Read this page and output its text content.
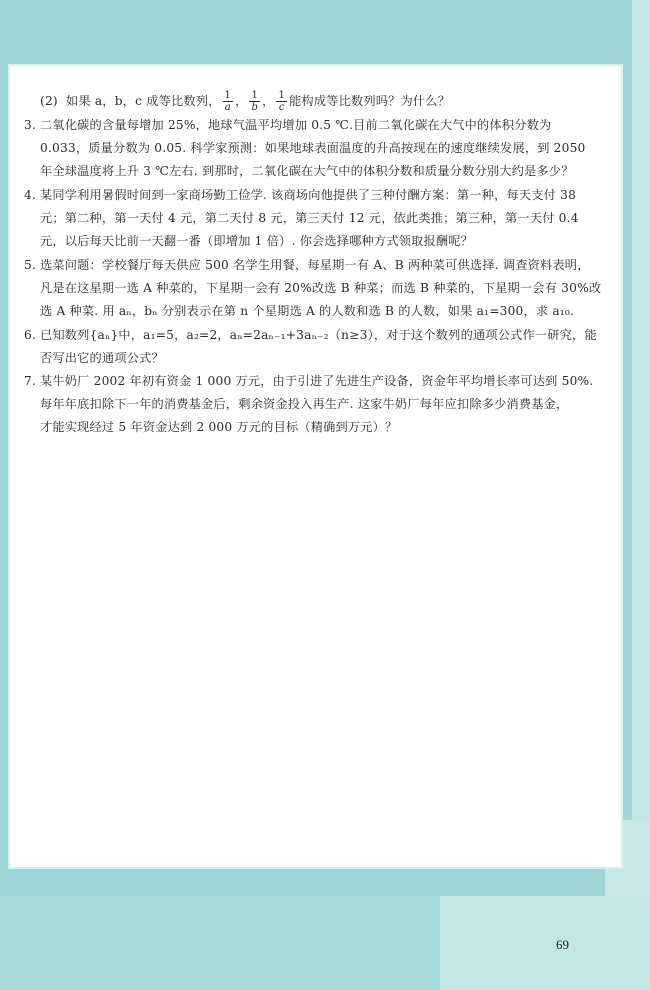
(2) 如果 a，b，c 成等比数列， $\frac{1}{a}$ ， $\frac{1}{b}$ ， $\frac{1}{c}$ 能构成等比数列吗？为什么？
3. 二氧化碳的含量每增加 25%，地球气温平均增加 0.5 ℃.目前二氧化碳在大气中的体积分数为
0.033，质量分数为 0.05. 科学家预测：如果地球表面温度的升高按现在的速度继续发展，到 2050
年全球温度将上升 3 ℃左右. 到那时，二氧化碳在大气中的体积分数和质量分数分别大约是多少？
4. 某同学利用暑假时间到一家商场勤工俭学. 该商场向他提供了三种付酬方案：第一种，每天支付 38
元；第二种，第一天付 4 元，第二天付 8 元，第三天付 12 元，依此类推；第三种，第一天付 0.4
元，以后每天比前一天翻一番（即增加 1 倍）. 你会选择哪种方式领取报酬呢？
5. 选菜问题：学校餐厅每天供应 500 名学生用餐，每星期一有 A、B 两种菜可供选择. 调查资料表明，
凡是在这星期一选 A 种菜的，下星期一会有 20%改选 B 种菜；而选 B 种菜的，下星期一会有 30%改
选 A 种菜. 用 aₙ，bₙ 分别表示在第 n 个星期选 A 的人数和选 B 的人数，如果 a₁=300，求 a₁₀.
6. 已知数列{aₙ}中，a₁=5，a₂=2，aₙ=2aₙ₋₁+3aₙ₋₂（n≥3），对于这个数列的通项公式作一研究，能
否写出它的通项公式？
7. 某牛奶厂 2002 年初有资金 1 000 万元，由于引进了先进生产设备，资金年平均增长率可达到 50%.
每年年底扣除下一年的消费基金后，剩余资金投入再生产. 这家牛奶厂每年应扣除多少消费基金，
才能实现经过 5 年资金达到 2 000 万元的目标（精确到万元）？
69
